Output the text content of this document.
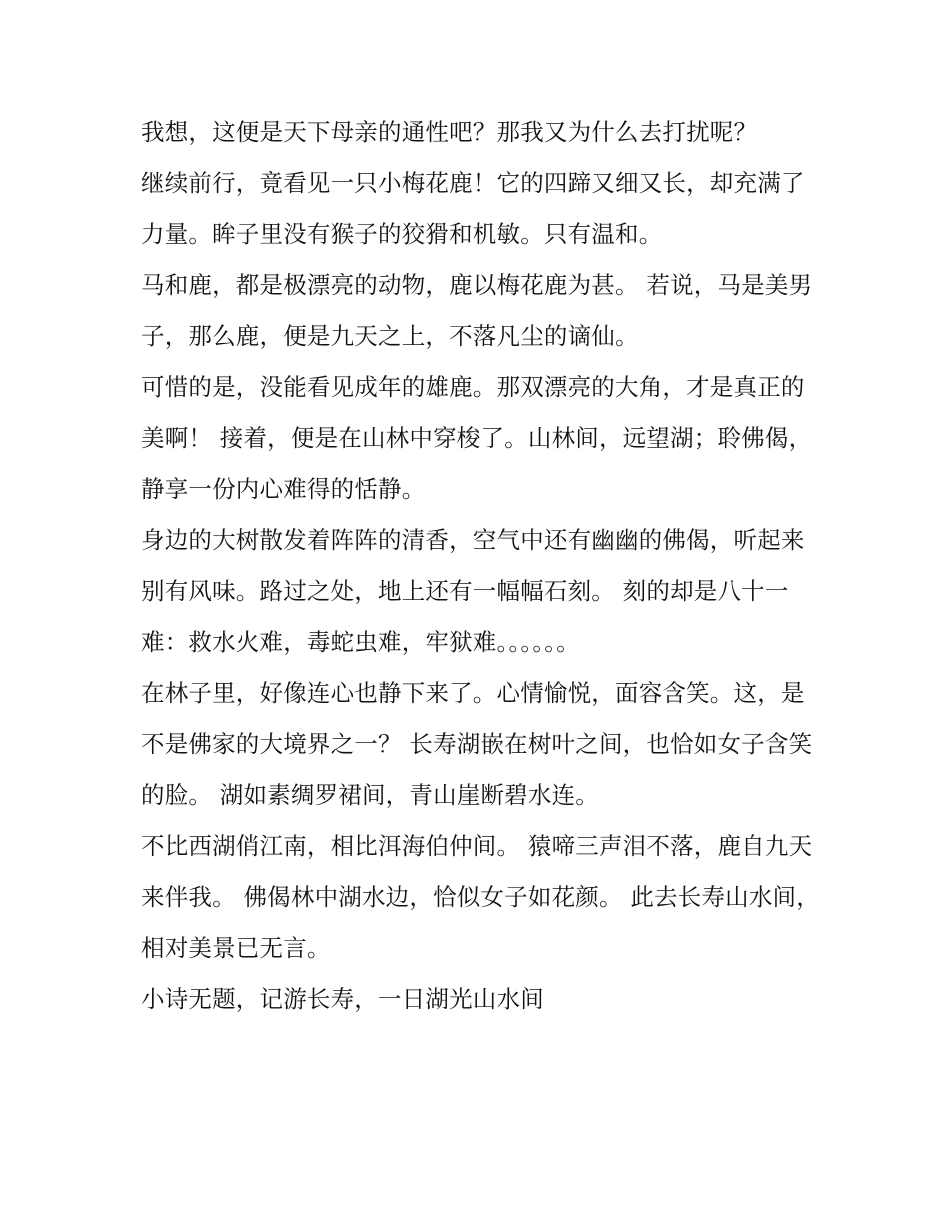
我想，这便是天下母亲的通性吧？那我又为什么去打扰呢？

继续前行，竟看见一只小梅花鹿！它的四蹄又细又长，却充满了力量。眸子里没有猴子的狡猾和机敏。只有温和。

马和鹿，都是极漂亮的动物，鹿以梅花鹿为甚。 若说，马是美男子，那么鹿，便是九天之上，不落凡尘的谪仙。

可惜的是，没能看见成年的雄鹿。那双漂亮的大角，才是真正的美啊！ 接着，便是在山林中穿梭了。山林间，远望湖；聆佛偈，静享一份内心难得的恬静。

身边的大树散发着阵阵的清香，空气中还有幽幽的佛偈，听起来别有风味。路过之处，地上还有一幅幅石刻。 刻的却是八十一难：救水火难，毒蛇虫难，牢狱难。。。。。。

在林子里，好像连心也静下来了。心情愉悦，面容含笑。这，是不是佛家的大境界之一？ 长寿湖嵌在树叶之间，也恰如女子含笑的脸。 湖如素绸罗裙间，青山崖断碧水连。

不比西湖俏江南，相比洱海伯仲间。 猿啼三声泪不落，鹿自九天来伴我。 佛偈林中湖水边，恰似女子如花颜。 此去长寿山水间，相对美景已无言。

小诗无题，记游长寿，一日湖光山水间
